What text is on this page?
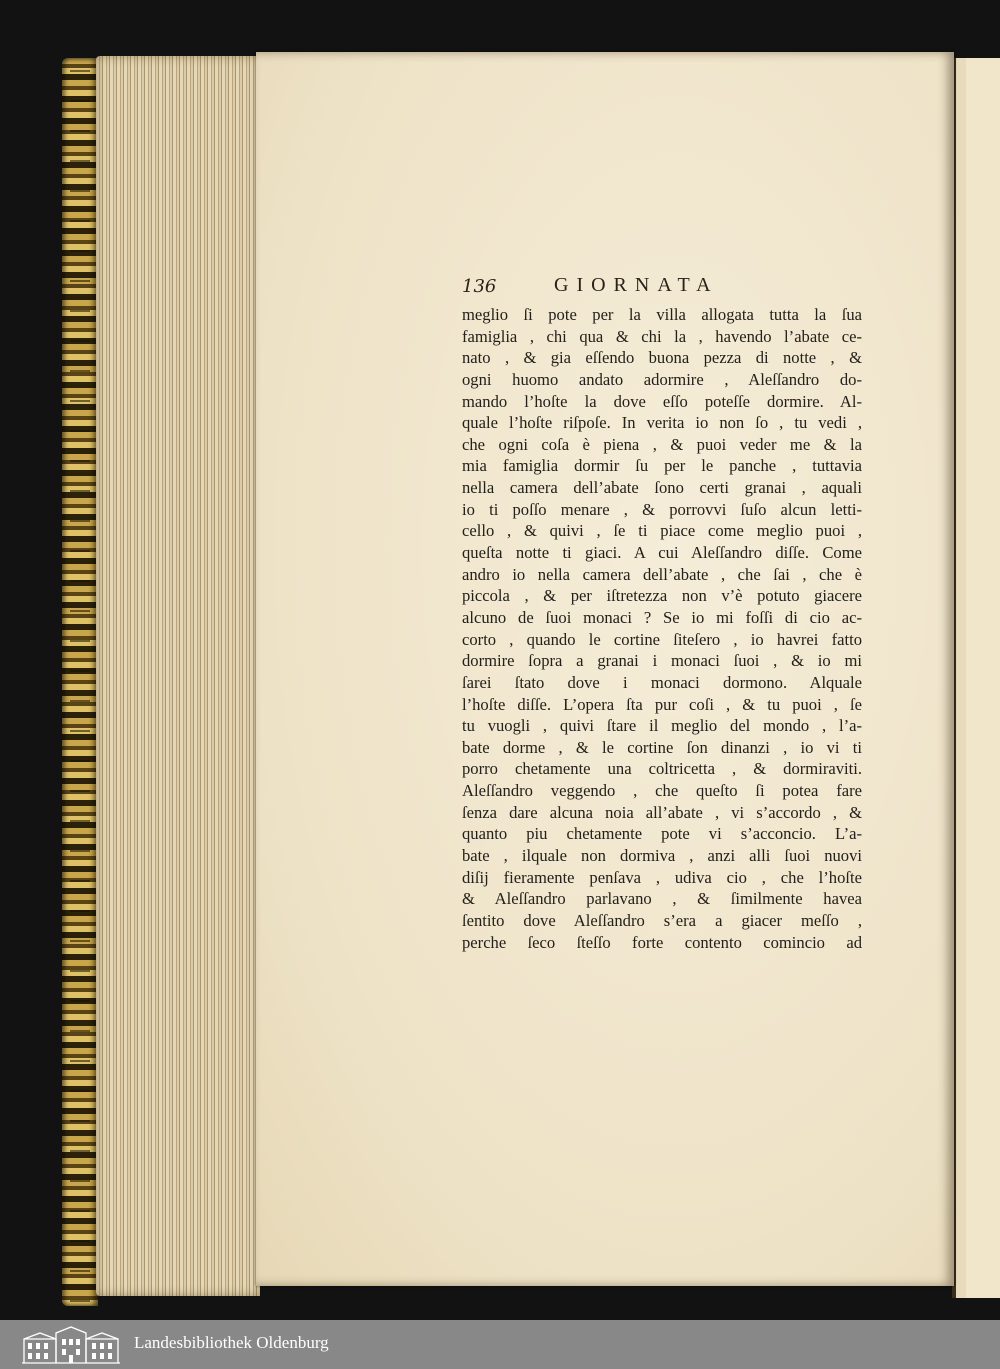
136	GIORNATA
meglio ſi pote per la villa allogata tutta la ſua
famiglia , chi qua & chi la , havendo l’abate ce-
nato , & gia eſſendo buona pezza di notte , &
ogni huomo andato adormire , Aleſſandro do-
mando l’hoſte la dove eſſo poteſſe dormire. Al-
quale l’hoſte riſpoſe. In verita io non ſo , tu vedi ,
che ogni coſa è piena , & puoi veder me & la
mia famiglia dormir ſu per le panche , tuttavia
nella camera dell’abate ſono certi granai , aquali
io ti poſſo menare , & porrovvi ſuſo alcun letti-
cello , & quivi , ſe ti piace come meglio puoi ,
queſta notte ti giaci. A cui Aleſſandro diſſe. Come
andro io nella camera dell’abate , che ſai , che è
piccola , & per iſtretezza non v’è potuto giacere
alcuno de ſuoi monaci ? Se io mi foſſi di cio ac-
corto , quando le cortine ſiteſero , io havrei fatto
dormire ſopra a granai i monaci ſuoi , & io mi
ſarei ſtato dove i monaci dormono. Alquale
l’hoſte diſſe. L’opera ſta pur coſi , & tu puoi , ſe
tu vuogli , quivi ſtare il meglio del mondo , l’a-
bate dorme , & le cortine ſon dinanzi , io vi ti
porro chetamente una coltricetta , & dormiraviti.
Aleſſandro veggendo , che queſto ſi potea fare
ſenza dare alcuna noia all’abate , vi s’accordo , &
quanto piu chetamente pote vi s’acconcio. L’a-
bate , ilquale non dormiva , anzi alli ſuoi nuovi
diſij fieramente penſava , udiva cio , che l’hoſte
& Aleſſandro parlavano , & ſimilmente havea
ſentito dove Aleſſandro s’era a giacer meſſo ,
perche ſeco ſteſſo forte contento comincio ad
Landesbibliothek Oldenburg
